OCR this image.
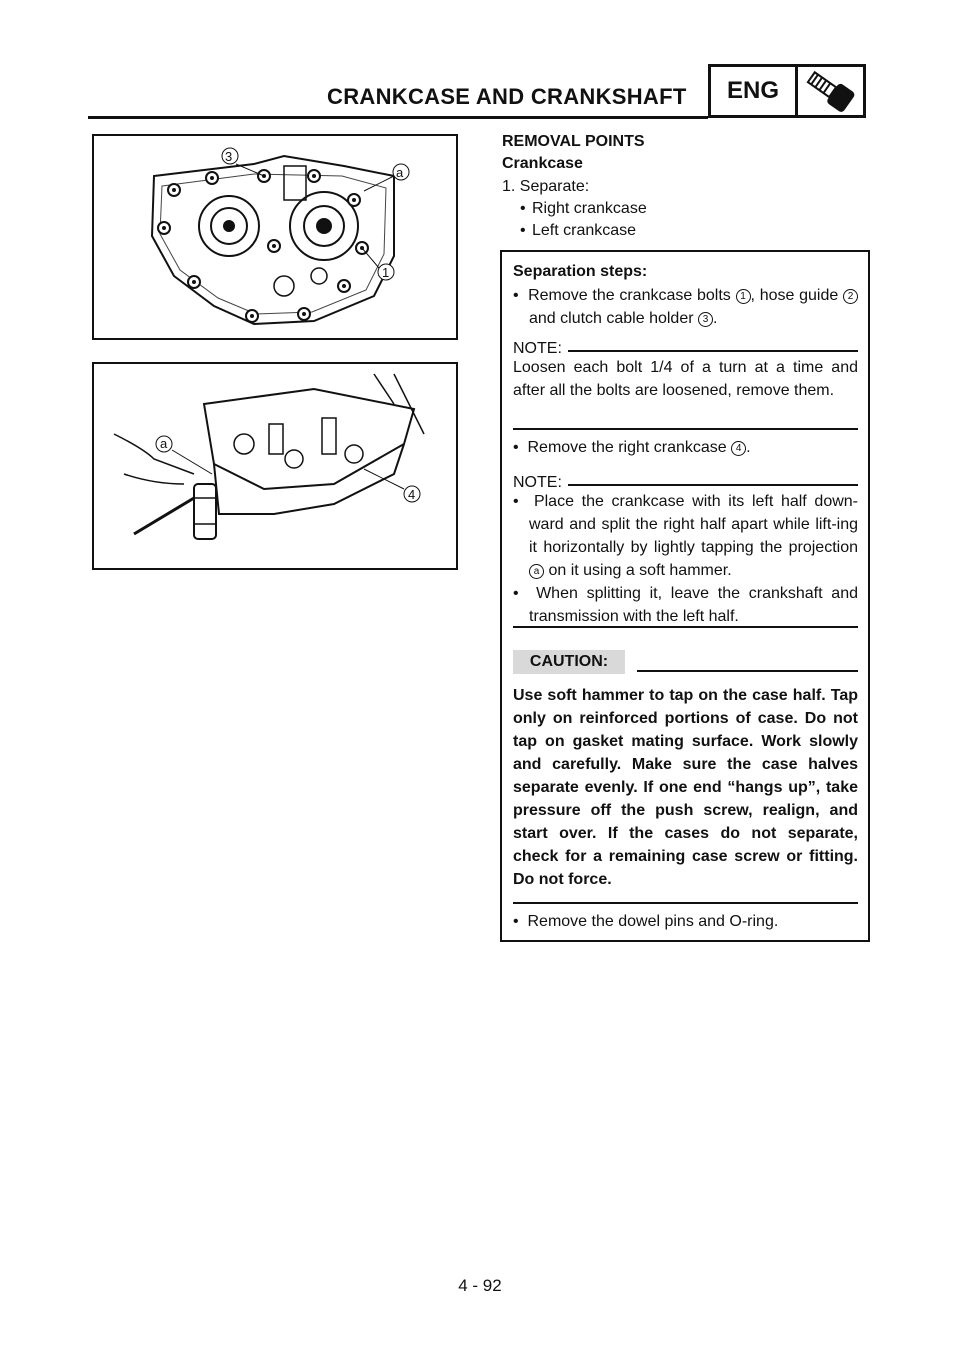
CRANKCASE AND CRANKSHAFT	ENG
3
a
1
a
4
REMOVAL POINTS
Crankcase
1. Separate:
• Right crankcase
• Left crankcase
Separation steps:
•  Remove the crankcase bolts 1 , hose guide 2 and clutch cable holder 3 .
NOTE:
Loosen each bolt 1/4 of a turn at a time and after all the bolts are loosened, remove them.
•  Remove the right crankcase 4 .
NOTE:
•  Place the crankcase with its left half down-ward and split the right half apart while lift-ing it horizontally by lightly tapping the projection a on it using a soft hammer.
•  When splitting it, leave the crankshaft and transmission with the left half.
CAUTION:
Use soft hammer to tap on the case half. Tap only on reinforced portions of case. Do not tap on gasket mating surface. Work slowly and carefully. Make sure the case halves separate evenly. If one end “hangs up”, take pressure off the push screw, realign, and start over. If the cases do not separate, check for a remaining case screw or fitting. Do not force.
•  Remove the dowel pins and O-ring.
4 - 92
